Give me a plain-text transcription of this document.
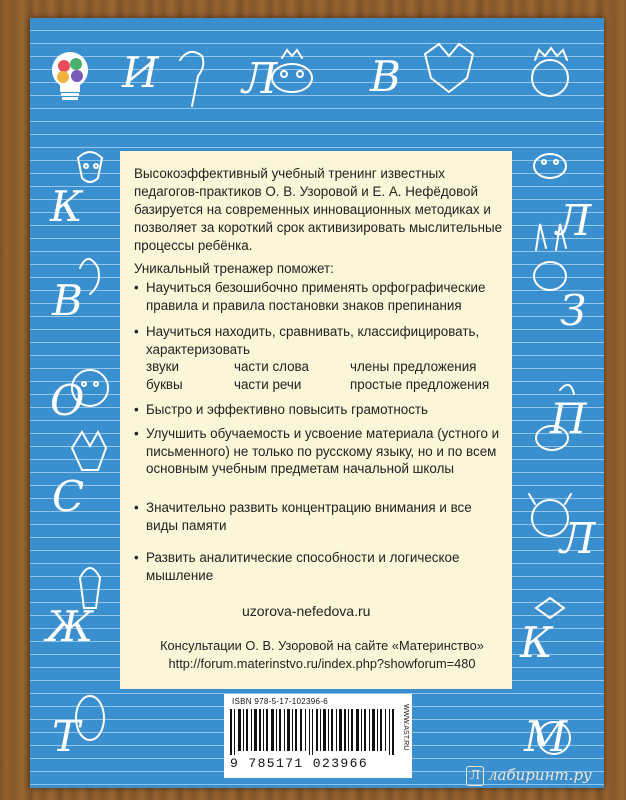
И Л В
К
В
О
С
Ж
Т
Л
З
П
Л
К
М
Высокоэффективный учебный тренинг известных педагогов-практиков О. В. Узоровой и Е. А. Нефёдовой базируется на современных инновационных методиках и позволяет за короткий срок активизировать мыслительные процессы ребёнка.
Уникальный тренажер поможет:
• Научиться безошибочно применять орфографические правила и правила постановки знаков препинания
• Научиться находить, сравнивать, классифицировать, характеризовать
звуки	части слова	члены предложения
буквы	части речи	простые предложения
• Быстро и эффективно повысить грамотность
• Улучшить обучаемость и усвоение материала (устного и письменного) не только по русскому языку, но и по всем основным учебным предметам начальной школы
• Значительно развить концентрацию внимания и все виды памяти
• Развить аналитические способности и логическое мышление
uzorova-nefedova.ru
Консультации О. В. Узоровой на сайте «Материнство»
http://forum.materinstvo.ru/index.php?showforum=480
ISBN 978-5-17-102396-6
9 785171 023966
WWW.AST.RU
Л лабиринт.ру
